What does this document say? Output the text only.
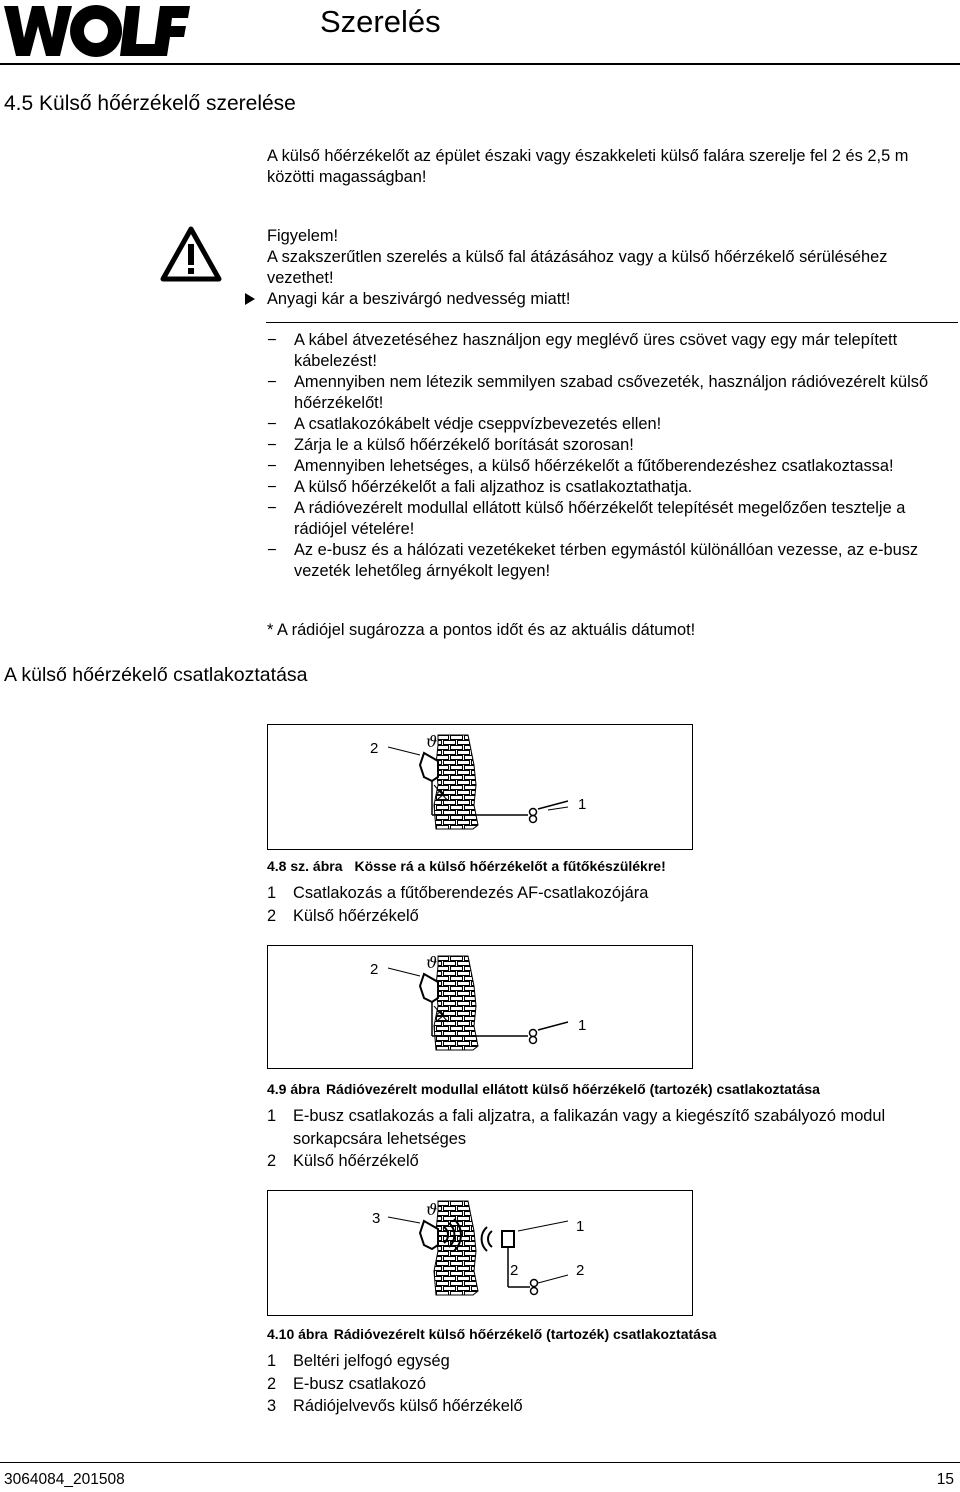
Szerelés
4.5 Külső hőérzékelő szerelése
A külső hőérzékelőt az épület északi vagy északkeleti külső falára szerelje fel 2 és 2,5 m közötti magasságban!
Figyelem!
A szakszerűtlen szerelés a külső fal átázásához vagy a külső hőérzékelő sérüléséhez vezethet!
Anyagi kár a beszivárgó nedvesség miatt!
− A kábel átvezetéséhez használjon egy meglévő üres csövet vagy egy már telepített kábelezést!
− Amennyiben nem létezik semmilyen szabad csővezeték, használjon rádióvezérelt külső hőérzékelőt!
− A csatlakozókábelt védje cseppvízbevezetés ellen!
− Zárja le a külső hőérzékelő borítását szorosan!
− Amennyiben lehetséges, a külső hőérzékelőt a fűtőberendezéshez csatlakoztassa!
− A külső hőérzékelőt a fali aljzathoz is csatlakoztathatja.
− A rádióvezérelt modullal ellátott külső hőérzékelőt telepítését megelőzően tesztelje a rádiójel vételére!
− Az e-busz és a hálózati vezetékeket térben egymástól különállóan vezesse, az e-busz vezeték lehetőleg árnyékolt legyen!
* A rádiójel sugározza a pontos időt és az aktuális dátumot!
A külső hőérzékelő csatlakoztatása
2	ϑ
2	1
4.8 sz. ábra Kösse rá a külső hőérzékelőt a fűtőkészülékre!
1 Csatlakozás a fűtőberendezés AF-csatlakozójára
2 Külső hőérzékelő
2	ϑ
2	1
4.9 ábra Rádióvezérelt modullal ellátott külső hőérzékelő (tartozék) csatlakoztatása
1 E-busz csatlakozás a fali aljzatra, a falikazán vagy a kiegészítő szabályozó modul sorkapcsára lehetséges
2 Külső hőérzékelő
3	ϑ
2
1
2
4.10 ábra Rádióvezérelt külső hőérzékelő (tartozék) csatlakoztatása
1 Beltéri jelfogó egység
2 E-busz csatlakozó
3 Rádiójelvevős külső hőérzékelő
3064084_201508	15
